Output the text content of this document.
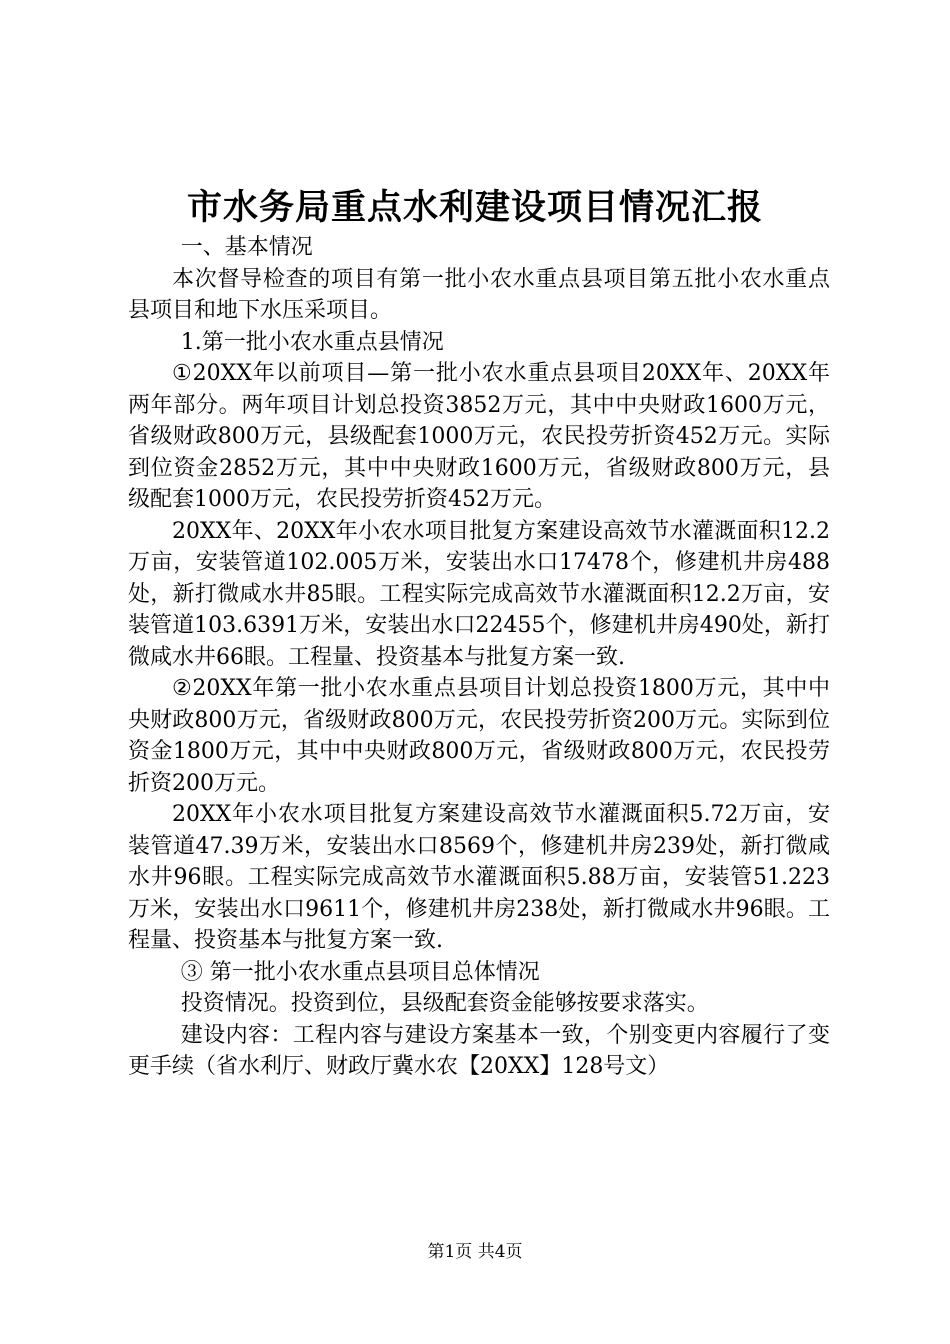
市水务局重点水利建设项目情况汇报

一、基本情况

本次督导检查的项目有第一批小农水重点县项目第五批小农水重点县项目和地下水压采项目。

1.第一批小农水重点县情况

①20XX年以前项目—第一批小农水重点县项目20XX年、20XX年两年部分。两年项目计划总投资3852万元，其中中央财政1600万元，省级财政800万元，县级配套1000万元，农民投劳折资452万元。实际到位资金2852万元，其中中央财政1600万元，省级财政800万元，县级配套1000万元，农民投劳折资452万元。

20XX年、20XX年小农水项目批复方案建设高效节水灌溉面积12.2万亩，安装管道102.005万米，安装出水口17478个，修建机井房488处，新打微咸水井85眼。工程实际完成高效节水灌溉面积12.2万亩，安装管道103.6391万米，安装出水口22455个，修建机井房490处，新打微咸水井66眼。工程量、投资基本与批复方案一致.

②20XX年第一批小农水重点县项目计划总投资1800万元，其中中央财政800万元，省级财政800万元，农民投劳折资200万元。实际到位资金1800万元，其中中央财政800万元，省级财政800万元，农民投劳折资200万元。

20XX年小农水项目批复方案建设高效节水灌溉面积5.72万亩，安装管道47.39万米，安装出水口8569个，修建机井房239处，新打微咸水井96眼。工程实际完成高效节水灌溉面积5.88万亩，安装管51.223万米，安装出水口9611个，修建机井房238处，新打微咸水井96眼。工程量、投资基本与批复方案一致.

③ 第一批小农水重点县项目总体情况

投资情况。投资到位，县级配套资金能够按要求落实。

建设内容：工程内容与建设方案基本一致，个别变更内容履行了变更手续（省水利厅、财政厅冀水农【20XX】128号文）

第1页 共4页
